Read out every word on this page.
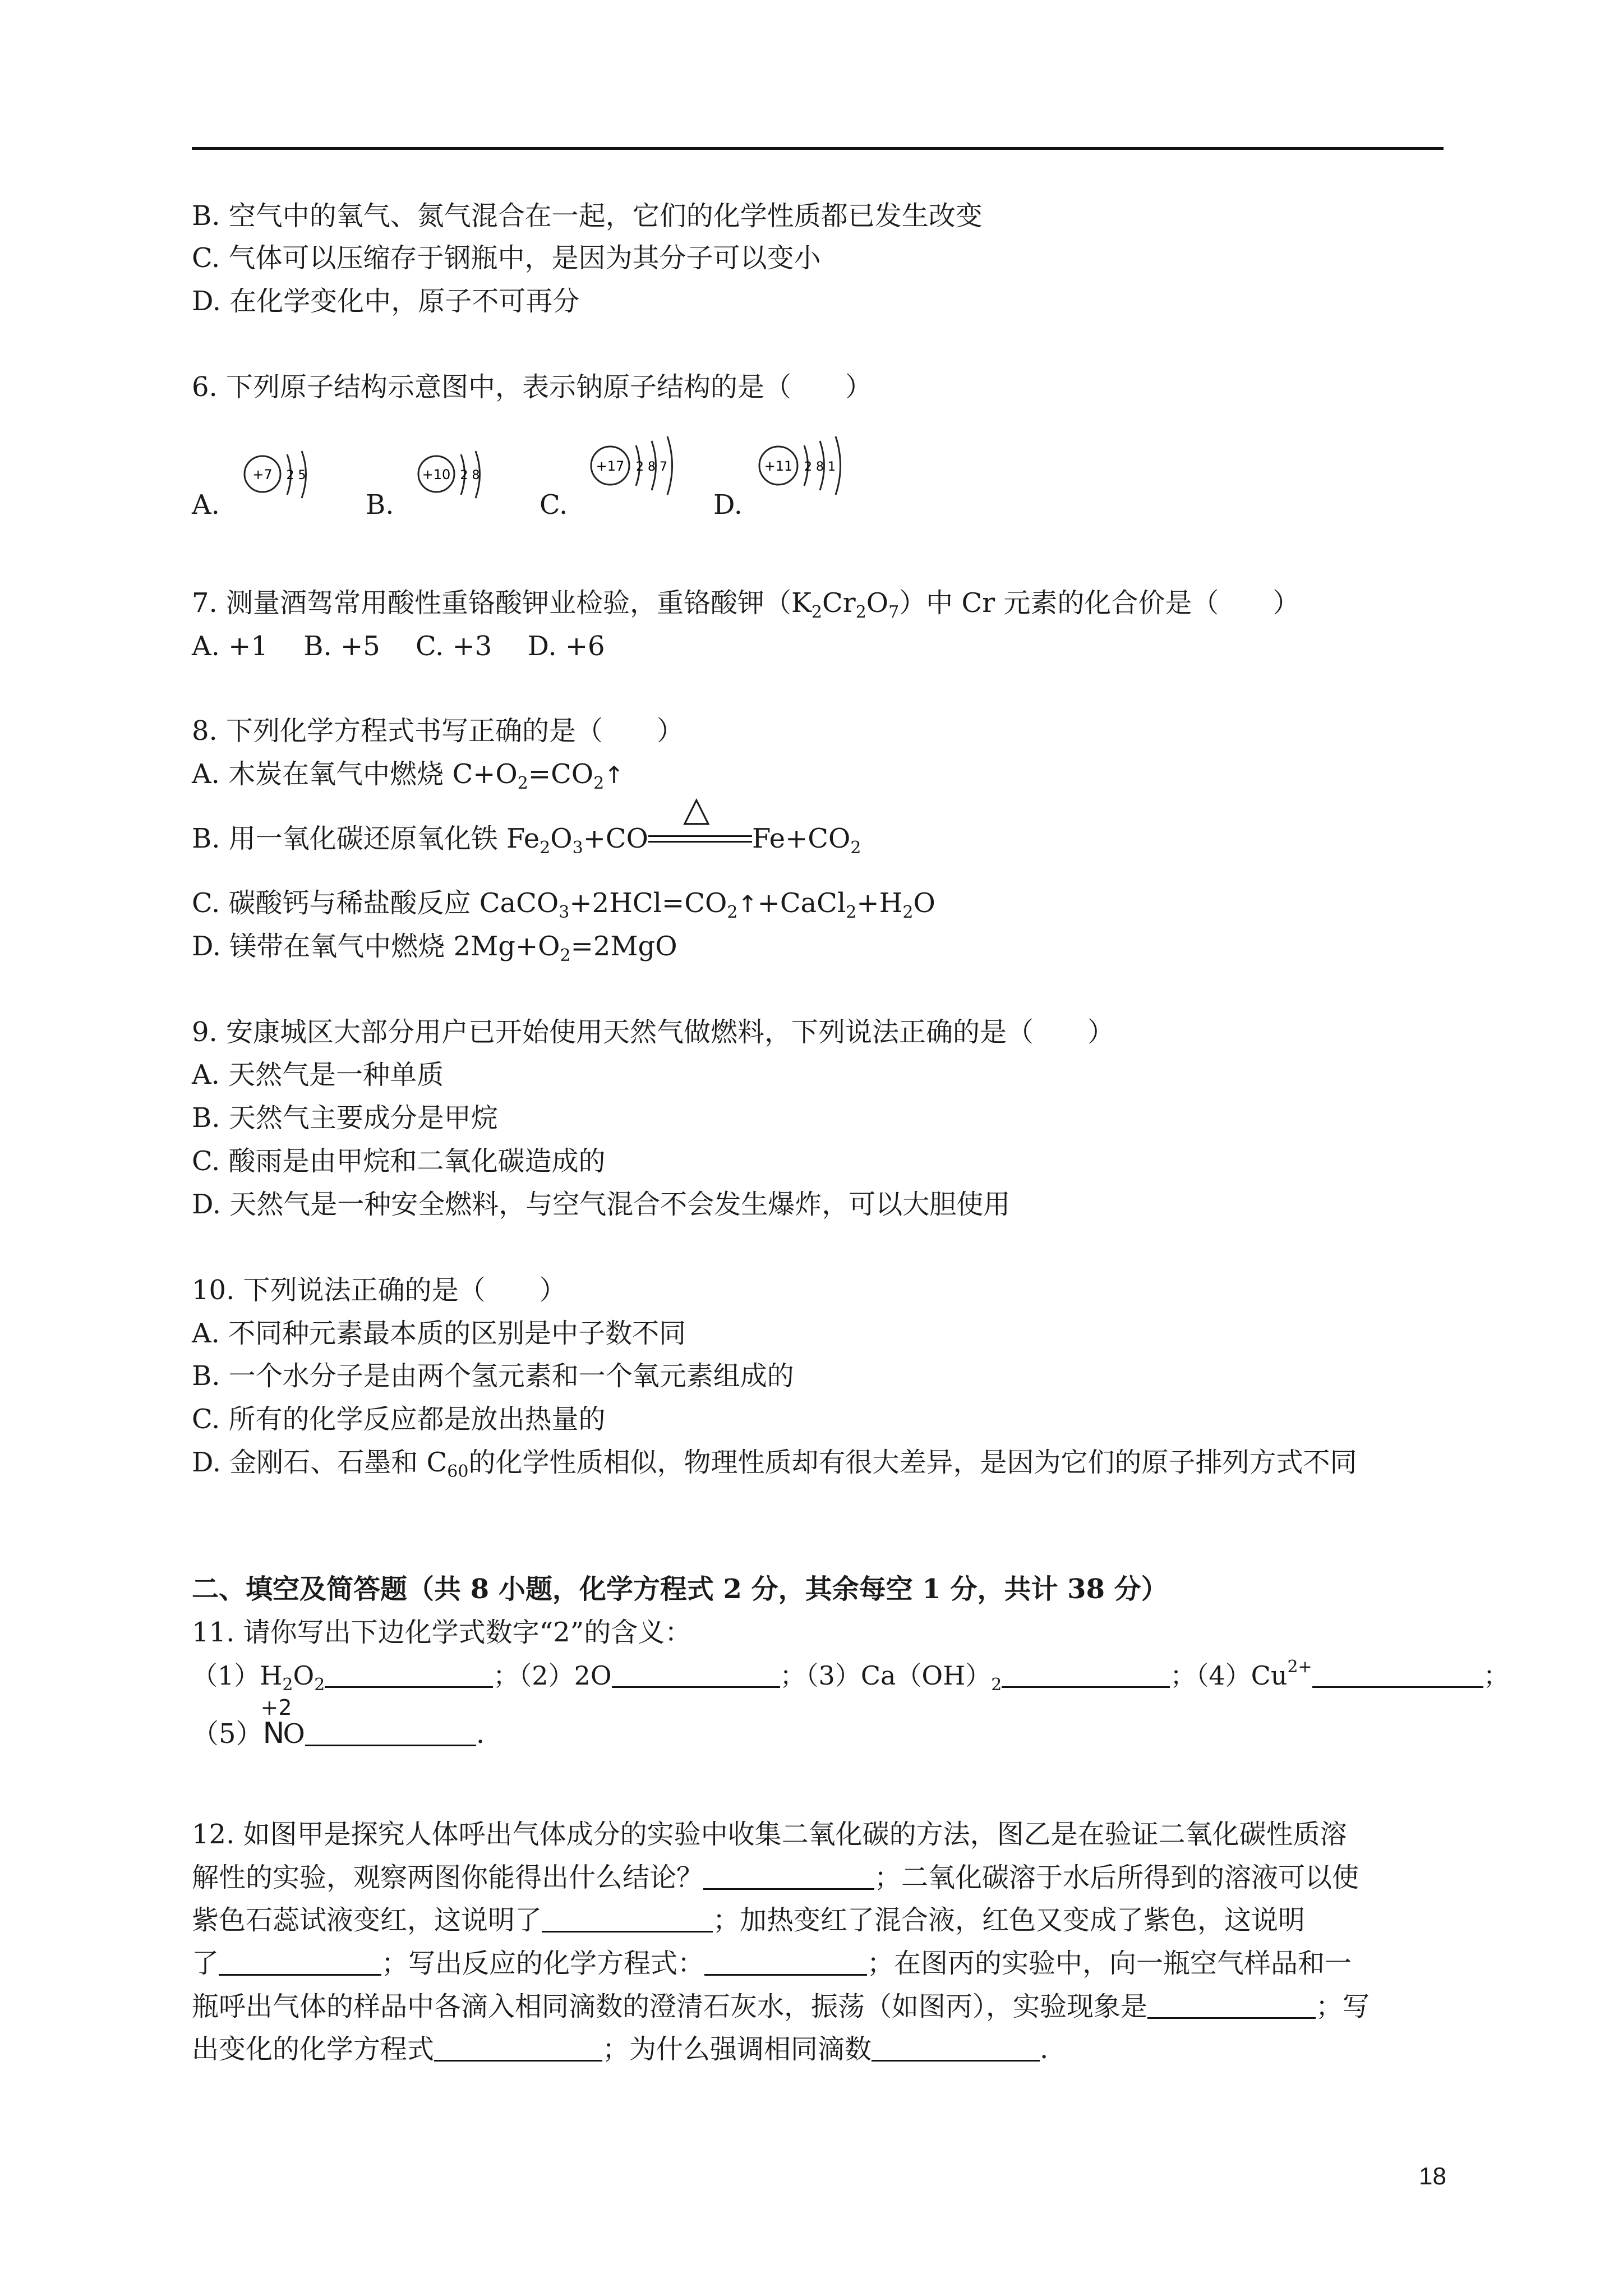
B. 空气中的氧气、氮气混合在一起，它们的化学性质都已发生改变
C. 气体可以压缩存于钢瓶中，是因为其分子可以变小
D. 在化学变化中，原子不可再分
6. 下列原子结构示意图中，表示钠原子结构的是（　　）
A.
+7 2 5
B.
+10 2 8
C.
+17 2 8 7
D.
+11 2 8 1
7. 测量酒驾常用酸性重铬酸钾业检验，重铬酸钾$(K_2Cr_2O_7)$中 Cr 元素的化合价是（　　）
A. +1　 B. +5　 C. +3　 D. +6
8. 下列化学方程式书写正确的是（　　）
A. 木炭在氧气中燃烧 $C+O_2=CO_2↑$
B. 用一氧化碳还原氧化铁 $Fe_2O_3+CO$
△
$Fe+CO_2$
C. 碳酸钙与稀盐酸反应 $CaCO_3+2HCl=CO_2↑+CaCl_2+H_2O$
D. 镁带在氧气中燃烧 $2Mg+O_2=2MgO$
9. 安康城区大部分用户已开始使用天然气做燃料，下列说法正确的是（　　）
A. 天然气是一种单质
B. 天然气主要成分是甲烷
C. 酸雨是由甲烷和二氧化碳造成的
D. 天然气是一种安全燃料，与空气混合不会发生爆炸，可以大胆使用
10. 下列说法正确的是（　　）
A. 不同种元素最本质的区别是中子数不同
B. 一个水分子是由两个氢元素和一个氧元素组成的
C. 所有的化学反应都是放出热量的
D. 金刚石、石墨和 $C_{60}$的化学性质相似，物理性质却有很大差异，是因为它们的原子排列方式不同
二、填空及简答题（共 8 小题，化学方程式 2 分，其余每空 1 分，共计 38 分）
11. 请你写出下边化学式数字“2”的含义：
$(1)H_2O_2$	；（2）2O	；$(3)Ca(OH)_2$	；$(4)Cu^{2+}$	；
（5）
+2
NO	.
12. 如图甲是探究人体呼出气体成分的实验中收集二氧化碳的方法，图乙是在验证二氧化碳性质溶
解性的实验，观察两图你能得出什么结论？	；二氧化碳溶于水后所得到的溶液可以使
紫色石蕊试液变红，这说明了	；加热变红了混合液，红色又变成了紫色，这说明
了	；写出反应的化学方程式：	；在图丙的实验中，向一瓶空气样品和一
瓶呼出气体的样品中各滴入相同滴数的澄清石灰水，振荡（如图丙），实验现象是	；写
出变化的化学方程式	；为什么强调相同滴数	.
18
